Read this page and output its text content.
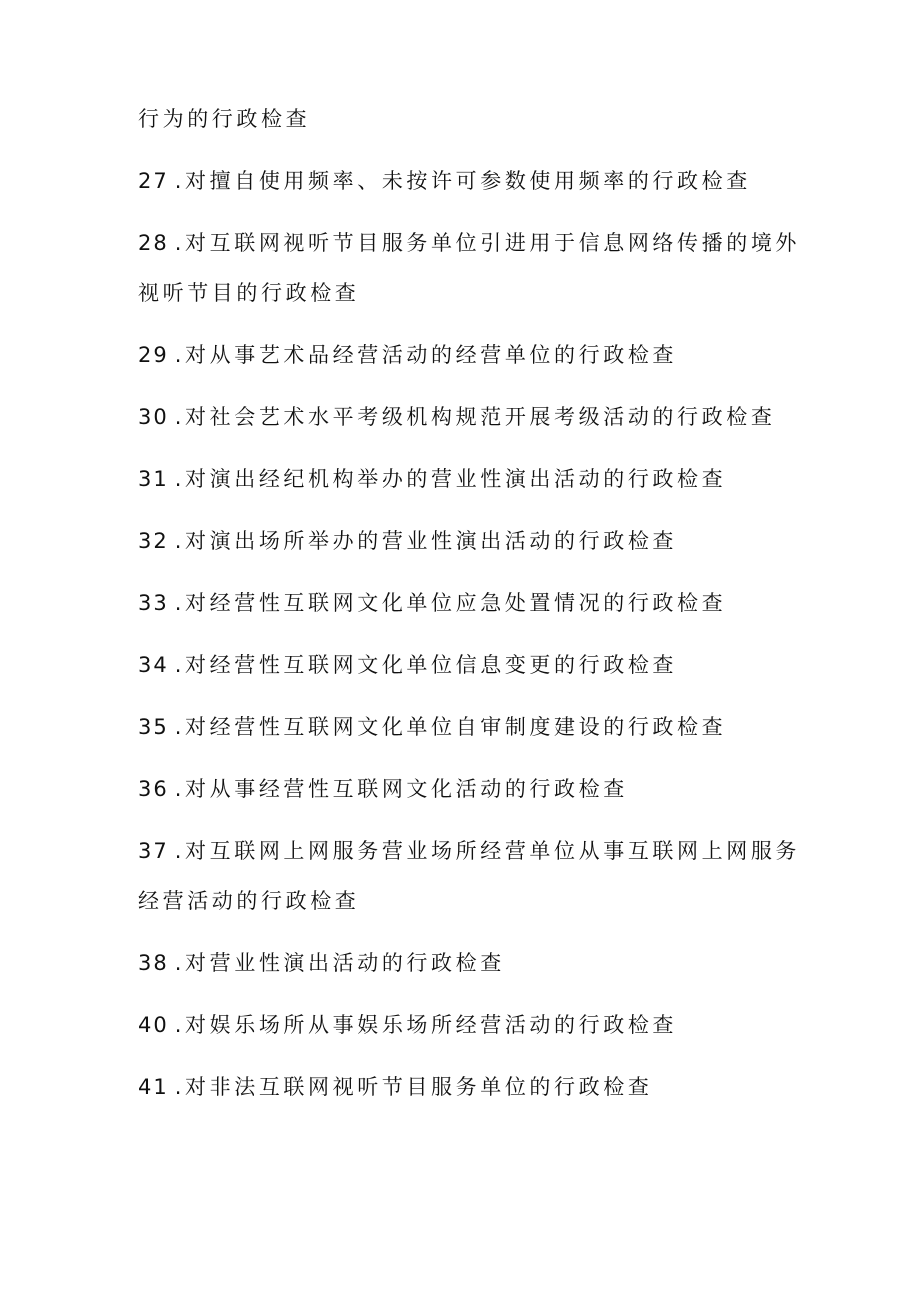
行为的行政检查
27 .对擅自使用频率、未按许可参数使用频率的行政检查
28 .对互联网视听节目服务单位引进用于信息网络传播的境外
视听节目的行政检查
29 .对从事艺术品经营活动的经营单位的行政检查
30 .对社会艺术水平考级机构规范开展考级活动的行政检查
31 .对演出经纪机构举办的营业性演出活动的行政检查
32 .对演出场所举办的营业性演出活动的行政检查
33 .对经营性互联网文化单位应急处置情况的行政检查
34 .对经营性互联网文化单位信息变更的行政检查
35 .对经营性互联网文化单位自审制度建设的行政检查
36 .对从事经营性互联网文化活动的行政检查
37 .对互联网上网服务营业场所经营单位从事互联网上网服务
经营活动的行政检查
38 .对营业性演出活动的行政检查
40 .对娱乐场所从事娱乐场所经营活动的行政检查
41 .对非法互联网视听节目服务单位的行政检查
